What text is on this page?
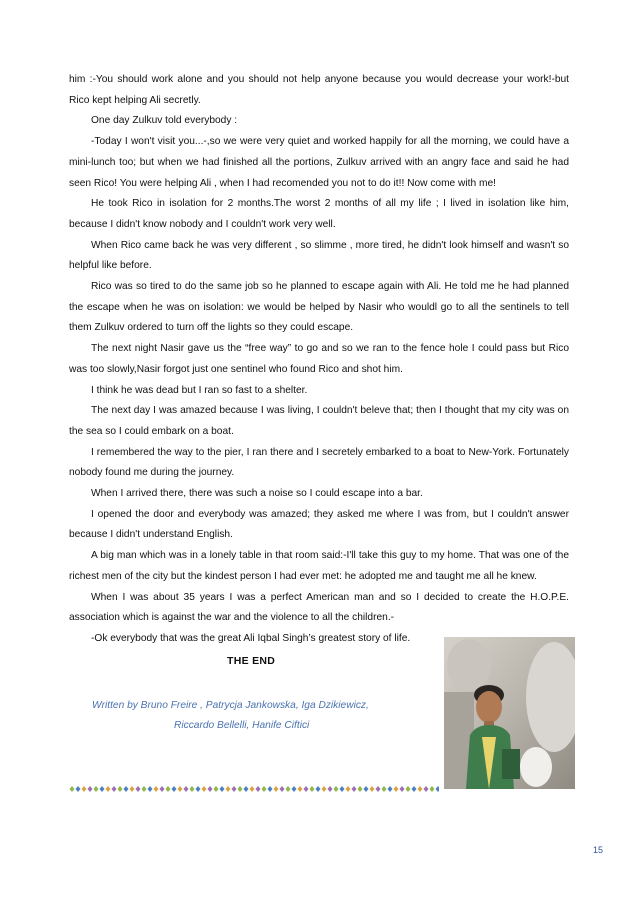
him :-You should work alone and you should not help anyone because you would decrease your work!-but Rico kept helping Ali secretly.

One day Zulkuv told everybody :

-Today I won't visit you...-,so we were very quiet and worked happily for all the morning, we could have a mini-lunch too; but when we had finished all the portions, Zulkuv arrived with an angry face and said he had seen Rico! You were helping Ali , when I had recomended you not to do it!! Now come with me!

He took Rico in isolation for 2 months.The worst 2 months of all my life ; I lived in isolation like him, because I didn't know nobody and I couldn't work very well.

When Rico came back he was very different , so slimme , more tired, he didn't look himself and wasn't so helpful like before.

Rico was so tired to do the same job so he planned to escape again with Ali. He told me he had planned the escape when he was on isolation: we would be helped by Nasir who wouldl go to all the sentinels to tell them Zulkuv ordered to turn off the lights so they could escape.

The next night Nasir gave us the “free way” to go and so we ran to the fence hole I could pass but Rico was too slowly,Nasir forgot just one sentinel who found Rico and shot him.

I think he was dead but I ran so fast to a shelter.

The next day I was amazed because I was living, I couldn't beleve that; then I thought that my city was on the sea so I could embark on a boat.

I remembered the way to the pier, I ran there and I secretely embarked to a boat to New-York. Fortunately nobody found me during the journey.

When I arrived there, there was such a noise so I could escape into a bar.

I opened the door and everybody was amazed; they asked me where I was from, but I couldn't answer because I didn't understand English.

A big man which was in a lonely table in that room said:-I'll take this guy to my home. That was one of the richest men of the city but the kindest person I had ever met: he adopted me and taught me all he knew.

When I was about 35 years I was a perfect American man and so I decided to create the H.O.P.E. association which is against the war and the violence to all the children.-

-Ok everybody that was the great Ali Iqbal Singh’s greatest story of life.

THE END
Written by Bruno Freire , Patrycja Jankowska, Iga Dzikiewicz,
Riccardo Bellelli, Hanife Ciftici
15
